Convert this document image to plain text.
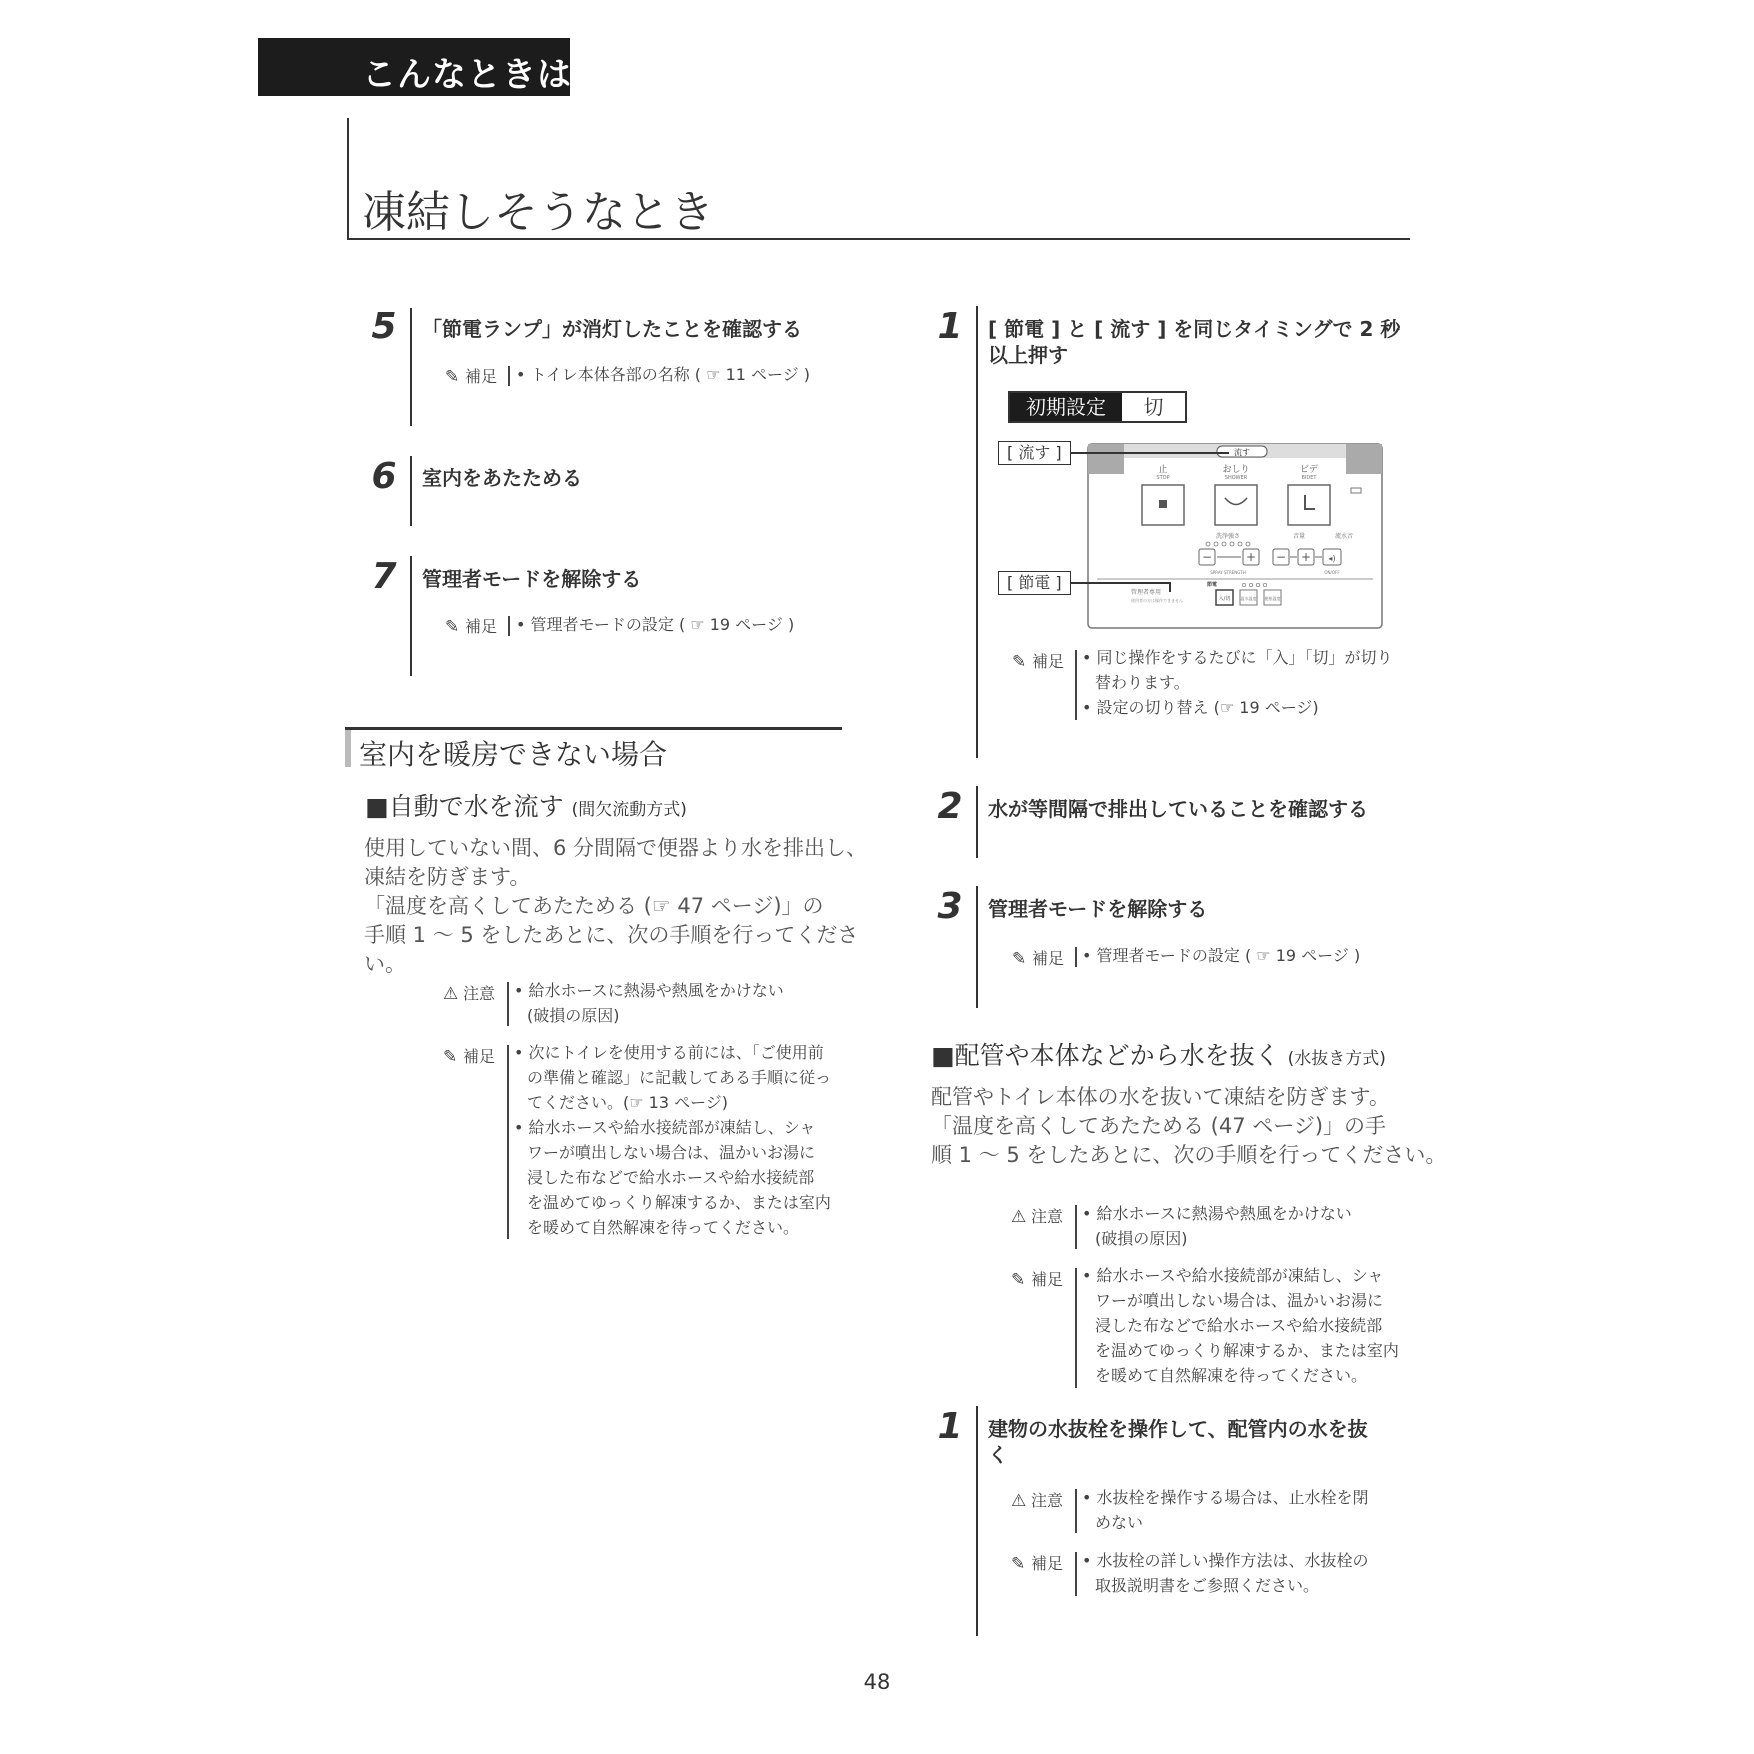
こんなときは
凍結しそうなとき
5	「節電ランプ」が消灯したことを確認する
✎ 補足 • トイレ本体各部の名称 ( ☞ 11 ページ )
6	室内をあたためる
7	管理者モードを解除する
✎ 補足 • 管理者モードの設定 ( ☞ 19 ページ )
室内を暖房できない場合
■自動で水を流す (間欠流動方式)
使用していない間、6 分間隔で便器より水を排出し、
凍結を防ぎます。
「温度を高くしてあたためる (☞ 47 ページ)」の
手順 1 ～ 5 をしたあとに、次の手順を行ってくださ
い。
⚠ 注意 • 給水ホースに熱湯や熱風をかけない
(破損の原因)
✎ 補足 • 次にトイレを使用する前には、「ご使用前
の準備と確認」に記載してある手順に従っ
てください。(☞ 13 ページ)
• 給水ホースや給水接続部が凍結し、シャ
ワーが噴出しない場合は、温かいお湯に
浸した布などで給水ホースや給水接続部
を温めてゆっくり解凍するか、または室内
を暖めて自然解凍を待ってください。
1	[ 節電 ] と [ 流す ] を同じタイミングで 2 秒
以上押す
初期設定	切
流す
止
STOP
おしり
SHOWER
ビデ
BIDET
洗浄強さ
−	+
SPRAY STRENGTH
音量
− +
流水音
◂)
ON/OFF
管理者専用
使用者の方は操作できません
節電
入/切	温水温度 便座温度
[ 流す ]
[ 節電 ]
✎ 補足 • 同じ操作をするたびに「入」「切」が切り
替わります。
• 設定の切り替え (☞ 19 ページ)
2	水が等間隔で排出していることを確認する
3	管理者モードを解除する
✎ 補足 • 管理者モードの設定 ( ☞ 19 ページ )
■配管や本体などから水を抜く (水抜き方式)
配管やトイレ本体の水を抜いて凍結を防ぎます。
「温度を高くしてあたためる (47 ページ)」の手
順 1 ～ 5 をしたあとに、次の手順を行ってください。
⚠ 注意 • 給水ホースに熱湯や熱風をかけない
(破損の原因)
✎ 補足 • 給水ホースや給水接続部が凍結し、シャ
ワーが噴出しない場合は、温かいお湯に
浸した布などで給水ホースや給水接続部
を温めてゆっくり解凍するか、または室内
を暖めて自然解凍を待ってください。
1	建物の水抜栓を操作して、配管内の水を抜
く
⚠ 注意 • 水抜栓を操作する場合は、止水栓を閉
めない
✎ 補足 • 水抜栓の詳しい操作方法は、水抜栓の
取扱説明書をご参照ください。
48
